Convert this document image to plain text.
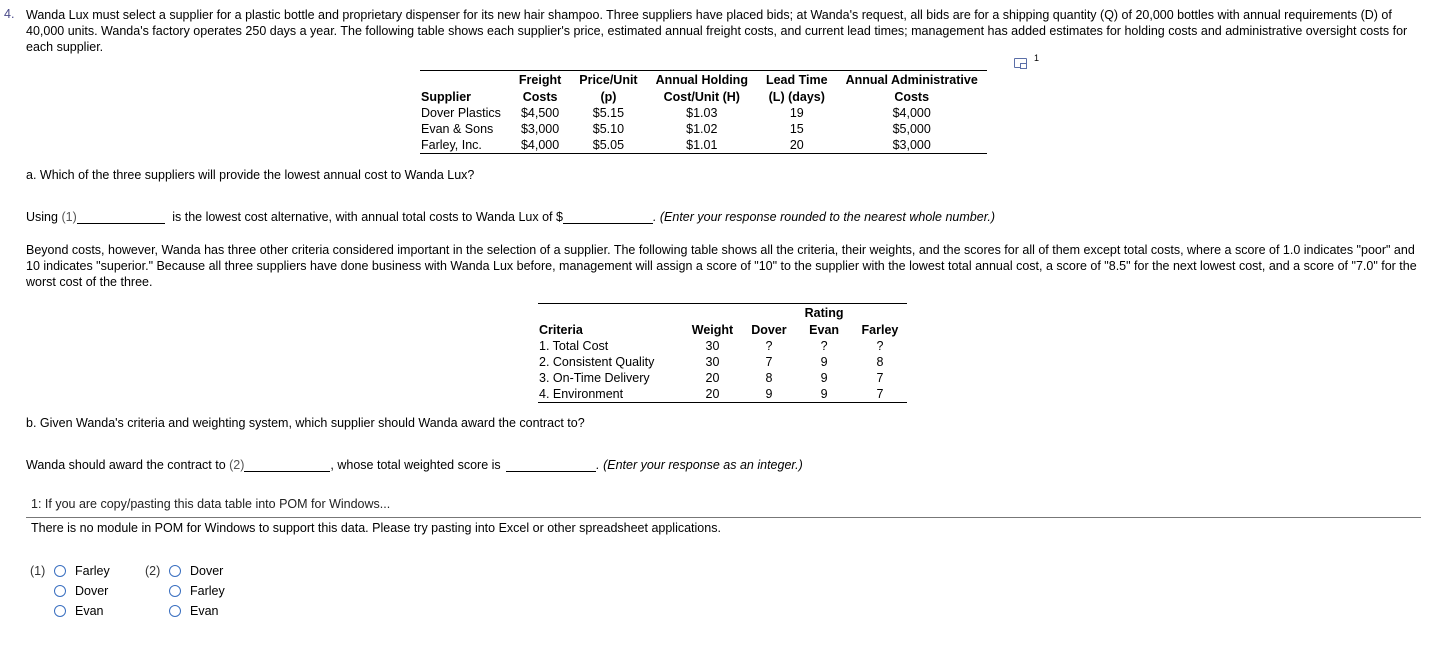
4. Wanda Lux must select a supplier for a plastic bottle and proprietary dispenser for its new hair shampoo. Three suppliers have placed bids; at Wanda's request, all bids are for a shipping quantity (Q) of 20,000 bottles with annual requirements (D) of 40,000 units. Wanda's factory operates 250 days a year. The following table shows each supplier's price, estimated annual freight costs, and current lead times; management has added estimates for holding costs and administrative oversight costs for each supplier.
1
	Freight	Price/Unit	Annual Holding	Lead Time	Annual Administrative
Supplier	Costs	(p)	Cost/Unit (H)	(L) (days)	Costs
Dover Plastics	$4,500	$5.15	$1.03	19	$4,000
Evan & Sons	$3,000	$5.10	$1.02	15	$5,000
Farley, Inc.	$4,000	$5.05	$1.01	20	$3,000
a. Which of the three suppliers will provide the lowest annual cost to Wanda Lux?
Using (1)	is the lowest cost alternative, with annual total costs to Wanda Lux of $	. (Enter your response rounded to the nearest whole number.)
Beyond costs, however, Wanda has three other criteria considered important in the selection of a supplier. The following table shows all the criteria, their weights, and the scores for all of them except total costs, where a score of 1.0 indicates "poor" and 10 indicates "superior." Because all three suppliers have done business with Wanda Lux before, management will assign a score of "10" to the supplier with the lowest total annual cost, a score of "8.5" for the next lowest cost, and a score of "7.0" for the worst cost of the three.
			Rating	
Criteria	Weight	Dover	Evan	Farley
1. Total Cost	30	?	?	?
2. Consistent Quality	30	7	9	8
3. On-Time Delivery	20	8	9	7
4. Environment	20	9	9	7
b. Given Wanda's criteria and weighting system, which supplier should Wanda award the contract to?
Wanda should award the contract to (2)	, whose total weighted score is	. (Enter your response as an integer.)
1: If you are copy/pasting this data table into POM for Windows...
There is no module in POM for Windows to support this data. Please try pasting into Excel or other spreadsheet applications.
(1)	Farley
Dover
Evan
(2)	Dover
Farley
Evan
